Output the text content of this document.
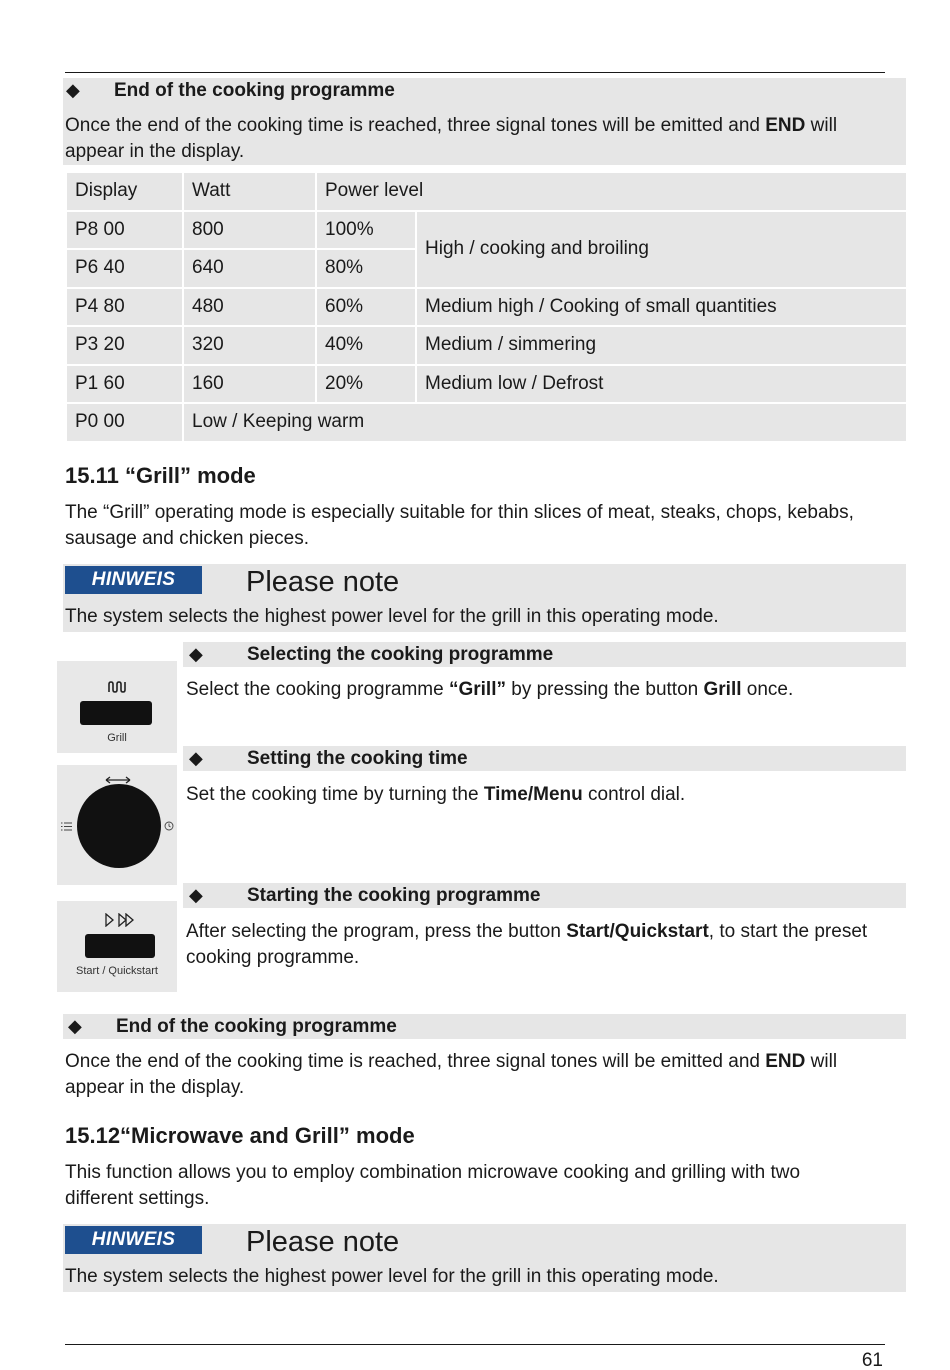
◆ End of the cooking programme
Once the end of the cooking time is reached, three signal tones will be emitted and END will appear in the display.
Display	Watt	Power level	
P8 00	800	100%	High / cooking and broiling
P6 40	640	80%	
P4 80	480	60%	Medium high / Cooking of small quantities
P3 20	320	40%	Medium / simmering
P1 60	160	20%	Medium low / Defrost
P0 00	Low / Keeping warm		
15.11 “Grill” mode
The “Grill” operating mode is especially suitable for thin slices of meat, steaks, chops, kebabs, sausage and chicken pieces.
HINWEIS	Please note
The system selects the highest power level for the grill in this operating mode.
◆ Selecting the cooking programme
Select the cooking programme “Grill” by pressing the button Grill once.
Grill
◆ Setting the cooking time
Set the cooking time by turning the Time/Menu control dial.
◆ Starting the cooking programme
After selecting the program, press the button Start/Quickstart, to start the preset cooking programme.
Start / Quickstart
◆ End of the cooking programme
Once the end of the cooking time is reached, three signal tones will be emitted and END will appear in the display.
15.12“Microwave and Grill” mode
This function allows you to employ combination microwave cooking and grilling with two different settings.
HINWEIS	Please note
The system selects the highest power level for the grill in this operating mode.
61
